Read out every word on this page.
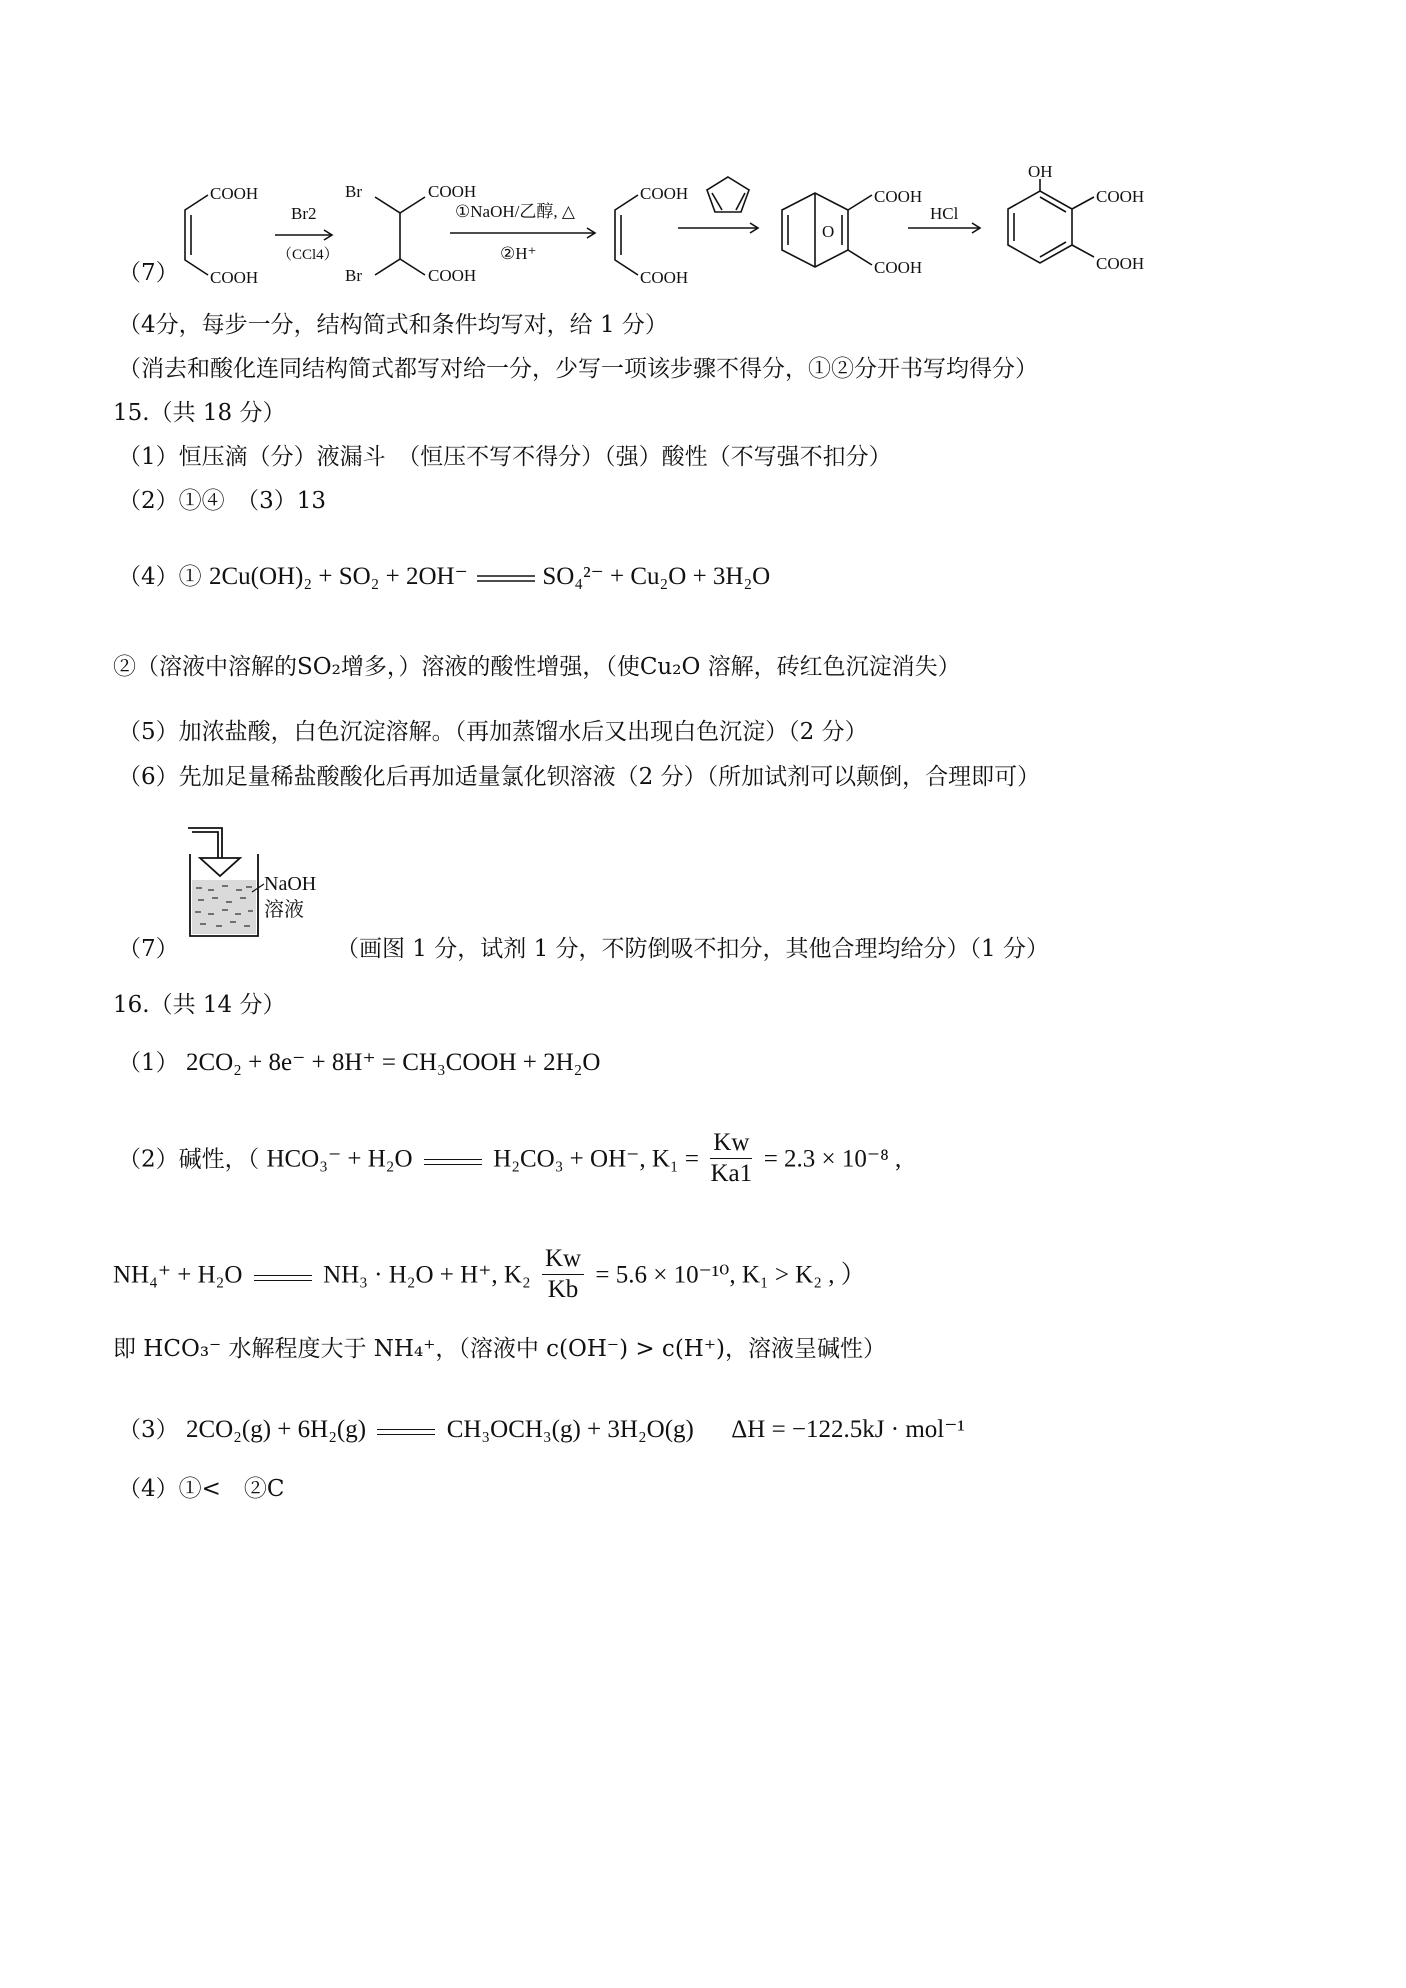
（7）
COOH
COOH
Br2
（CCl4）
Br
Br
COOH
COOH
①NaOH/乙醇, △
②H⁺
COOH
COOH
O
COOH
COOH
HCl
OH
COOH
COOH
（4分，每步一分，结构简式和条件均写对，给 1 分）
（消去和酸化连同结构简式都写对给一分，少写一项该步骤不得分，①②分开书写均得分）
15.（共 18 分）
（1）恒压滴（分）液漏斗　（恒压不写不得分）（强）酸性（不写强不扣分）
（2）①④　（3）13
（4）① 2Cu(OH)₂ + SO₂ + 2OH⁻	SO₄²⁻ + Cu₂O + 3H₂O
②（溶液中溶解的SO₂增多，）溶液的酸性增强，（使Cu₂O 溶解，砖红色沉淀消失）
（5）加浓盐酸，白色沉淀溶解。（再加蒸馏水后又出现白色沉淀）（2 分）
（6）先加足量稀盐酸酸化后再加适量氯化钡溶液（2 分）（所加试剂可以颠倒，合理即可）
（7）
NaOH
溶液
（画图 1 分，试剂 1 分，不防倒吸不扣分，其他合理均给分）（1 分）
16.（共 14 分）
（1） 2CO₂ + 8e⁻ + 8H⁺ = CH₃COOH + 2H₂O
（2）碱性，（ HCO₃⁻ + H₂O	H₂CO₃ + OH⁻, $K_1 = \frac{Kw}{Ka1} = 2.3 \times 10^{-8}$ ,
NH₄⁺ + H₂O	NH₃ · H₂O + H⁺, $K_2 \frac{Kw}{Kb} = 5.6 \times 10^{-10}$, K₁ > K₂ , ）
即 HCO₃⁻ 水解程度大于 NH₄⁺，（溶液中 c(OH⁻) > c(H⁺)，溶液呈碱性）
（3） 2CO₂(g) + 6H₂(g)	CH₃OCH₃(g) + 3H₂O(g) ΔH = −122.5kJ · mol⁻¹
（4）①<　②C
